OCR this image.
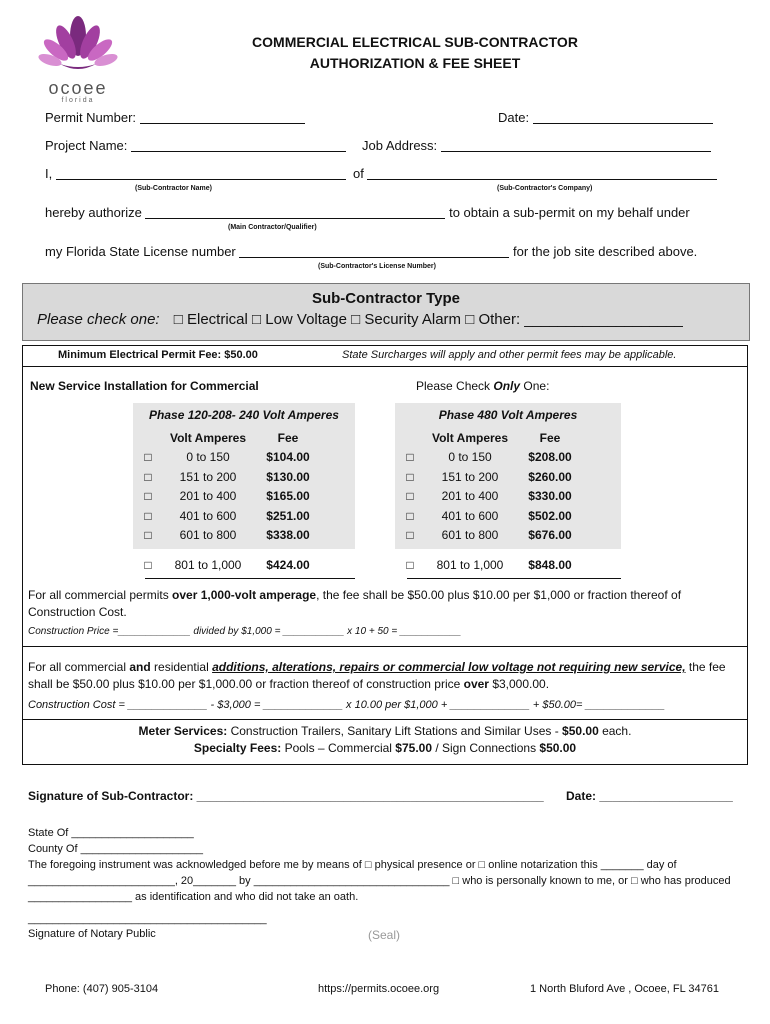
ocoee
florida
COMMERCIAL ELECTRICAL SUB-CONTRACTOR
AUTHORIZATION & FEE SHEET
Permit Number:	Date:
Project Name:	Job Address:
I,	of
(Sub-Contractor Name)	(Sub-Contractor's Company)
hereby authorize	to obtain a sub-permit on my behalf under
(Main Contractor/Qualifier)
my Florida State License number	for the job site described above.
(Sub-Contractor's License Number)
Sub-Contractor Type
Please check one: □ Electrical □ Low Voltage □ Security Alarm □ Other: ___________________
Minimum Electrical Permit Fee: $50.00	State Surcharges will apply and other permit fees may be applicable.
New Service Installation for Commercial	Please Check Only One:
Phase 120-208- 240 Volt Amperes
Volt Amperes	Fee
□	0 to 150	$104.00
□	151 to 200	$130.00
□	201 to 400	$165.00
□	401 to 600	$251.00
□	601 to 800	$338.00
□	801 to 1,000	$424.00
Phase 480 Volt Amperes
Volt Amperes	Fee
□	0 to 150	$208.00
□	151 to 200	$260.00
□	201 to 400	$330.00
□	401 to 600	$502.00
□	601 to 800	$676.00
□	801 to 1,000	$848.00
For all commercial permits over 1,000-volt amperage, the fee shall be $50.00 plus $10.00 per $1,000 or fraction thereof of Construction Cost.
Construction Price =_____________ divided by $1,000 = ___________ x 10 + 50 = ___________
For all commercial and residential additions, alterations, repairs or commercial low voltage not requiring new service, the fee shall be $50.00 plus $10.00 per $1,000.00 or fraction thereof of construction price over $3,000.00.
Construction Cost = _____________ - $3,000 = _____________ x 10.00 per $1,000 + _____________ + $50.00= _____________
Meter Services: Construction Trailers, Sanitary Lift Stations and Similar Uses - $50.00 each.
Specialty Fees: Pools – Commercial $75.00 / Sign Connections $50.00
Signature of Sub-Contractor: ____________________________________________________ Date: ____________________
State Of ____________________
County Of ____________________
The foregoing instrument was acknowledged before me by means of □ physical presence or □ online notarization this _______ day of
________________________, 20_______ by ________________________________ □ who is personally known to me, or □ who has produced
_________________ as identification and who did not take an oath.
_______________________________________
Signature of Notary Public	(Seal)
Phone: (407) 905-3104	https://permits.ocoee.org	1 North Bluford Ave , Ocoee, FL 34761
